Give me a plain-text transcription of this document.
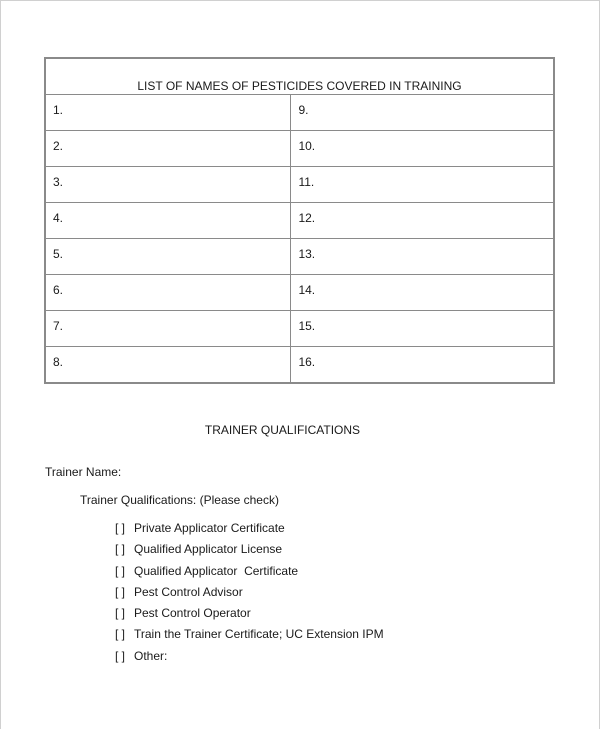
LIST OF NAMES OF PESTICIDES COVERED IN TRAINING	
1.	9.
2.	10.
3.	11.
4.	12.
5.	13.
6.	14.
7.	15.
8.	16.
TRAINER QUALIFICATIONS
Trainer Name:
Trainer Qualifications: (Please check)
[ ] Private Applicator Certificate
[ ] Qualified Applicator License
[ ] Qualified Applicator  Certificate
[ ] Pest Control Advisor
[ ] Pest Control Operator
[ ] Train the Trainer Certificate; UC Extension IPM
[ ] Other:
